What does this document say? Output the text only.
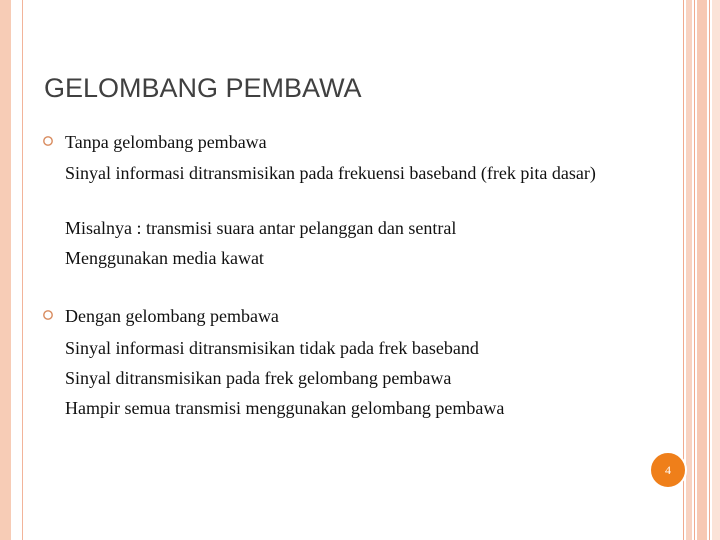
GELOMBANG PEMBAWA
Tanpa gelombang pembawa
Sinyal informasi ditransmisikan pada frekuensi baseband (frek pita dasar)
Misalnya : transmisi suara antar pelanggan dan sentral
Menggunakan media kawat
Dengan gelombang pembawa
Sinyal informasi ditransmisikan tidak pada frek baseband
Sinyal ditransmisikan pada frek gelombang pembawa
Hampir semua transmisi menggunakan gelombang pembawa
4
